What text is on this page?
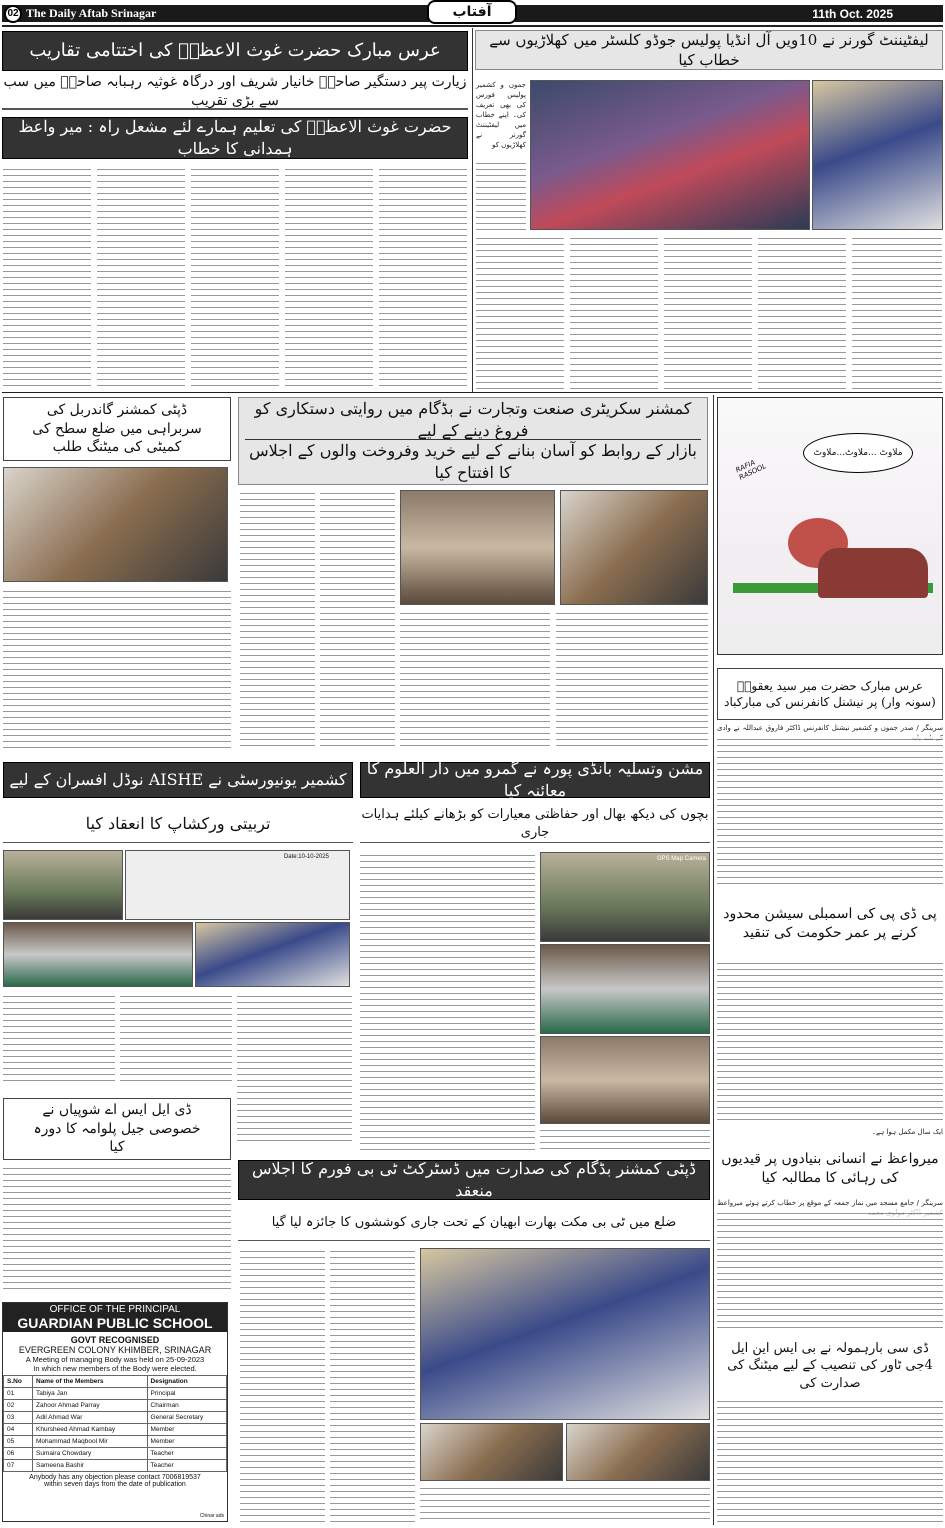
02 The Daily Aftab Srinagar	11th Oct. 2025
آفتاب
عرس مبارک حضرت غوث الاعظمؒ کی اختتامی تقاریب
زیارت پیر دستگیر صاحبؒ خانیار شریف اور درگاہ غوثیہ رہبابہ صاحبؒ میں سب سے بڑی تقریب
حضرت غوث الاعظمؒ کی تعلیم ہمارے لئے مشعل راہ : میر واعظ ہمدانی کا خطاب
لیفٹیننٹ گورنر نے 10ویں آل انڈیا پولیس جوڈو کلسٹر میں کھلاڑیوں سے خطاب کیا
جموں و کشمیر پولیس فورس کی بھی تعریف کی۔ اپنے خطاب میں لیفٹیننٹ گورنر نے کھلاڑیوں کو
ڈپٹی کمشنر گاندربل کی سربراہی میں ضلع سطح کی کمیٹی کی میٹنگ طلب
کمشنر سکریٹری صنعت وتجارت نے بڈگام میں روایتی دستکاری کو فروغ دینے کے لیے
بازار کے روابط کو آسان بنانے کے لیے خرید وفروخت والوں کے اجلاس کا افتتاح کیا
ملاوٹ ...ملاوٹ...ملاوٹ
RAFIA RASOOL
عرس مبارک حضرت میر سید یعقوبؒ (سونہ وار) پر نیشنل کانفرنس کی مبارکباد
سرینگر / صدر جموں و کشمیر نیشنل کانفرنس ڈاکٹر فاروق عبداللہ نے وادی
کشمیر یونیورسٹی نے AISHE نوڈل افسران کے لیے
تربیتی ورکشاپ کا انعقاد کیا
Date:10-10-2025
مشن وتسلیہ بانڈی پورہ نے گمرو میں دار العلوم کا معائنہ کیا
بچوں کی دیکھ بھال اور حفاظتی معیارات کو بڑھانے کیلئے ہدایات جاری
GPS Map Camera
پی ڈی پی کی اسمبلی سیشن محدود کرنے پر عمر حکومت کی تنقید
ایک سال مکمل ہوا ہے۔
میرواعظ نے انسانی بنیادوں پر قیدیوں کی رہائی کا مطالبہ کیا
سرینگر / جامع مسجد میں نماز جمعہ کے موقع پر خطاب کرتے ہوئے میرواعظ
ڈی ایل ایس اے شوپیاں نے خصوصی جیل پلوامہ کا دورہ کیا
OFFICE OF THE PRINCIPAL
GUARDIAN PUBLIC SCHOOL
GOVT RECOGNISED
EVERGREEN COLONY KHIMBER, SRINAGAR
A Meeting of managing Body was held on 25-09-2023
In which new members of the Body were elected.
S.No	Name of the Members	Designation
01	Tabiya Jan	Principal
02	Zahoor Ahmad Parray	Chairman
03	Adil Ahmad War	General Secretary
04	Khursheed Ahmad Kambay	Member
05	Mohammad Maqbool Mir	Member
06	Sumaira Chowdary	Teacher
07	Sameena Bashir	Teacher
Anybody has any objection please contact 7006819537
within seven days from the date of publication
Chinar ads
ڈپٹی کمشنر بڈگام کی صدارت میں ڈسٹرکٹ ٹی بی فورم کا اجلاس منعقد
ضلع میں ٹی بی مکت بھارت ابھیان کے تحت جاری کوششوں کا جائزہ لیا گیا
ڈی سی بارہمولہ نے بی ایس این ایل 4جی ٹاور کی تنصیب کے لیے میٹنگ کی صدارت کی
